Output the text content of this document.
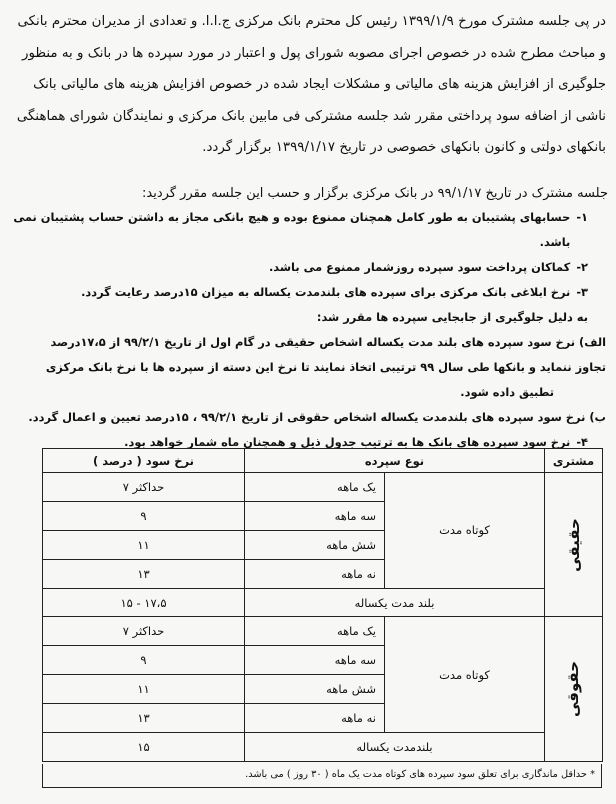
در پی جلسه مشترک مورخ ۱۳۹۹/۱/۹ رئیس کل محترم بانک مرکزی ج.ا.ا. و تعدادی از مدیران محترم بانکی

و مباحث مطرح شده در خصوص اجرای مصوبه شورای پول و اعتبار در مورد سپرده ها در بانک و به منظور

جلوگیری از افزایش هزینه های مالیاتی و مشکلات ایجاد شده در خصوص افزایش هزینه های مالیاتی بانک

ناشی از اضافه سود پرداختی مقرر شد جلسه مشترکی فی مابین بانک مرکزی و نمایندگان شورای هماهنگی

بانکهای دولتی و کانون بانکهای خصوصی در تاریخ ۱۳۹۹/۱/۱۷ برگزار گردد.

جلسه مشترک در تاریخ ۹۹/۱/۱۷ در بانک مرکزی برگزار و حسب این جلسه مقرر گردید:
۱-
حسابهای پشتیبان به طور کامل همچنان ممنوع بوده و هیچ بانکی مجاز به داشتن حساب پشتیبان نمی باشد.
۲-
کماکان پرداخت سود سپرده روزشمار ممنوع می باشد.
۳-
نرخ ابلاغی بانک مرکزی برای سپرده های بلندمدت یکساله به میزان ۱۵درصد رعایت گردد.
به دلیل جلوگیری از جابجایی سپرده ها مقرر شد:
الف) نرخ سود سپرده های بلند مدت یکساله اشخاص حقیقی در گام اول از تاریخ ۹۹/۲/۱ از ۱۷،۵درصد
تجاوز ننماید و بانکها طی سال ۹۹ ترتیبی اتخاذ نمایند تا نرخ این دسته از سپرده ها با نرخ بانک مرکزی
تطبیق داده شود.
ب) نرخ سود سپرده های بلندمدت یکساله اشخاص حقوقی از تاریخ ۹۹/۲/۱ ، ۱۵درصد تعیین و اعمال گردد.
۴-
نرخ سود سپرده های بانک ها به ترتیب جدول ذیل و همچنان ماه شمار خواهد بود.
مشتری	نوع سپرده		نرخ سود ( درصد )
حقیقی	کوتاه مدت	یک ماهه	حداکثر ۷
		سه ماهه	۹
		شش ماهه	۱۱
		نه ماهه	۱۳
	بلند مدت یکساله		۱۷،۵ - ۱۵
حقوقی	کوتاه مدت	یک ماهه	حداکثر ۷
		سه ماهه	۹
		شش ماهه	۱۱
		نه ماهه	۱۳
	بلندمدت یکساله		۱۵
* حداقل ماندگاری برای تعلق سود سپرده های کوتاه مدت یک ماه ( ۳۰ روز ) می باشد.
